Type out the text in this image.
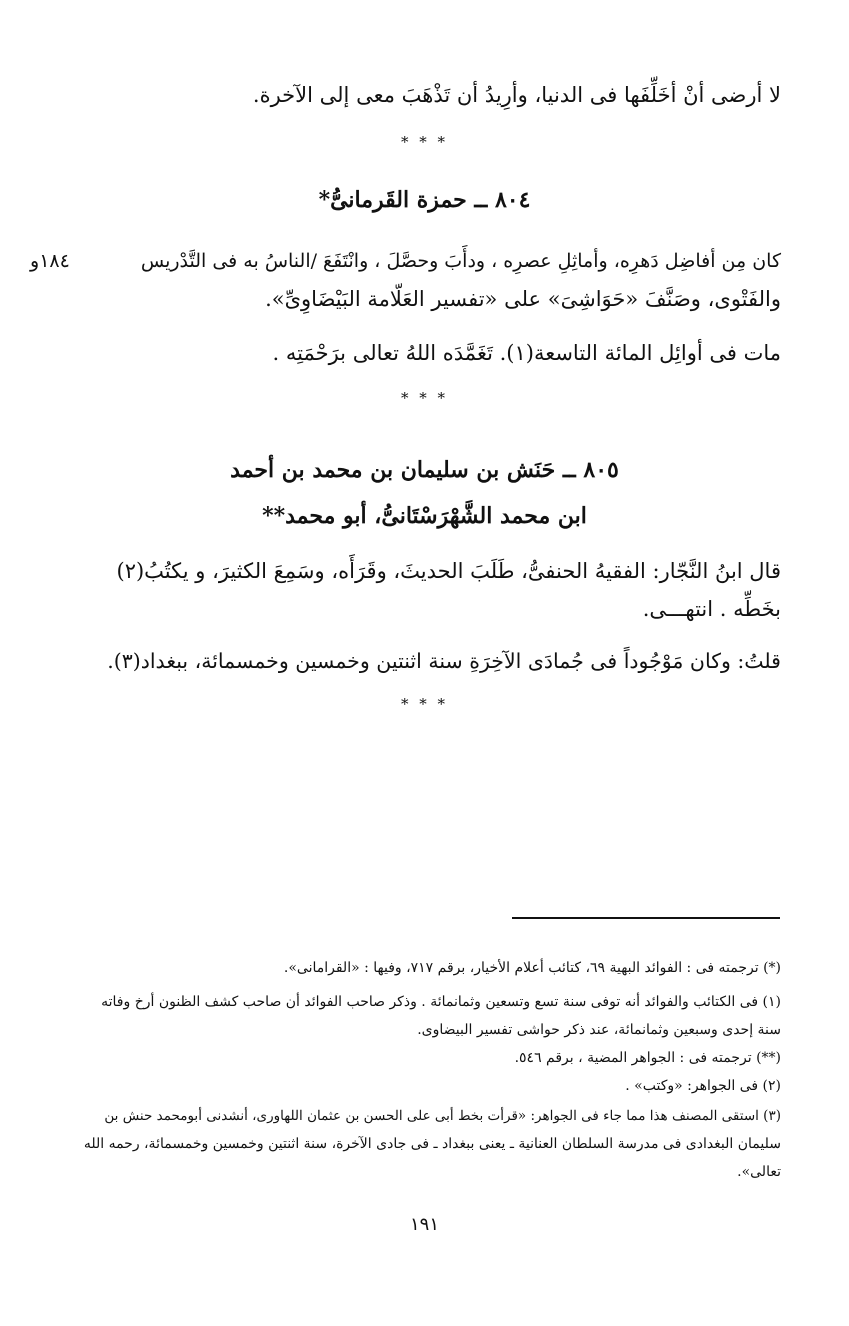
لا أرضى أنْ أخَلِّفَها فى الدنيا، وأرِيدُ أن تَذْهَبَ معى إلى الآخرة.
* * *
٨٠٤ ــ حمزة القَرمانىُّ*
١٨٤و	كان مِن أفاضِل دَهرِه، وأماثِلِ عصرِه ، ودأَبَ وحصَّلَ ، وانْتَفَعَ /الناسُ به فى التَّدْريس
والفَتْوى، وصَنَّفَ «حَوَاشِىَ» على «تفسير العَلّامة البَيْضَاوِىِّ».
مات فى أوائِل المائة التاسعة(١). تَغَمَّدَه اللهُ تعالى برَحْمَتِه .
* * *
٨٠٥ ــ حَنَش بن سليمان بن محمد بن أحمد
ابن محمد الشَّهْرَسْتَانىُّ، أبو محمد**
قال ابنُ النَّجّار: الفقيهُ الحنفىُّ، طَلَبَ الحديثَ، وقَرَأَه، وسَمِعَ الكثيرَ، و يكتُبُ(٢)
بخَطِّه . انتهـــى.
قلتُ: وكان مَوْجُوداً فى جُمادَى الآخِرَةِ سنة اثنتين وخمسين وخمسمائة، ببغداد(٣).
* * *
(*) ترجمته فى : الفوائد البهية ٦٩، كتائب أعلام الأخيار، برقم ٧١٧، وفيها : «القرامانى».
(١) فى الكتائب والفوائد أنه توفى سنة تسع وتسعين وثمانمائة . وذكر صاحب الفوائد أن صاحب كشف الظنون أرخ وفاته
سنة إحدى وسبعين وثمانمائة، عند ذكر حواشى تفسير البيضاوى.
(**) ترجمته فى : الجواهر المضية ، برقم ٥٤٦.
(٢) فى الجواهر: «وكتب» .
(٣) استقى المصنف هذا مما جاء فى الجواهر: «قرأت بخط أبى على الحسن بن عثمان اللهاورى، أنشدنى أبومحمد حنش بن
سليمان البغدادى فى مدرسة السلطان العنانية ـ يعنى ببغداد ـ فى جادى الآخرة، سنة اثنتين وخمسين وخمسمائة، رحمه الله
تعالى».
١٩١
